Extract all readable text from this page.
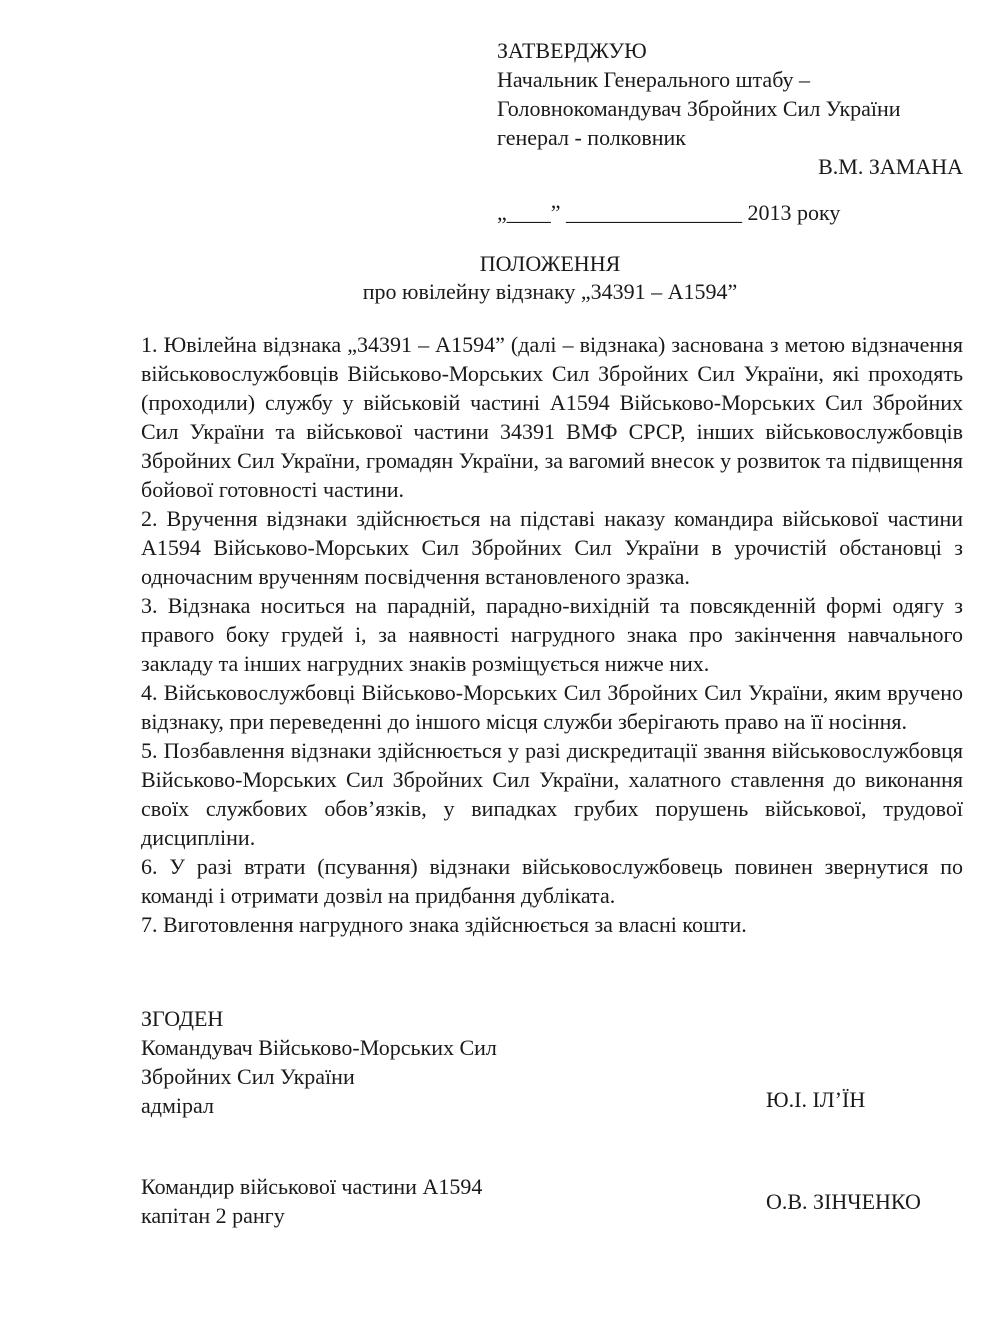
ЗАТВЕРДЖУЮ
Начальник Генерального штабу –
Головнокомандувач Збройних Сил України
генерал - полковник
В.М. ЗАМАНА
„____” ________________ 2013 року
ПОЛОЖЕННЯ
про ювілейну відзнаку „34391 – А1594”

1. Ювілейна відзнака „34391 – А1594” (далі – відзнака) заснована з метою відзначення військовослужбовців Військово-Морських Сил Збройних Сил України, які проходять (проходили) службу у військовій частині А1594 Військово-Морських Сил Збройних Сил України та військової частини 34391 ВМФ СРСР, інших військовослужбовців Збройних Сил України, громадян України, за вагомий внесок у розвиток та підвищення бойової готовності частини.

2. Вручення відзнаки здійснюється на підставі наказу командира військової частини А1594 Військово-Морських Сил Збройних Сил України в урочистій обстановці з одночасним врученням посвідчення встановленого зразка.

3. Відзнака носиться на парадній, парадно-вихідній та повсякденній формі одягу з правого боку грудей і, за наявності нагрудного знака про закінчення навчального закладу та інших нагрудних знаків розміщується нижче них.

4. Військовослужбовці Військово-Морських Сил Збройних Сил України, яким вручено відзнаку, при переведенні до іншого місця служби зберігають право на її носіння.

5. Позбавлення відзнаки здійснюється у разі дискредитації звання військовослужбовця Військово-Морських Сил Збройних Сил України, халатного ставлення до виконання своїх службових обов’язків, у випадках грубих порушень військової, трудової дисципліни.

6. У разі втрати (псування) відзнаки військовослужбовець повинен звернутися по команді і отримати дозвіл на придбання дубліката.

7. Виготовлення нагрудного знака здійснюється за власні кошти.

ЗГОДЕН
Командувач Військово-Морських Сил
Збройних Сил України
адмірал	Ю.І. ІЛ’ЇН
Командир військової частини А1594
капітан 2 рангу
О.В. ЗІНЧЕНКО
